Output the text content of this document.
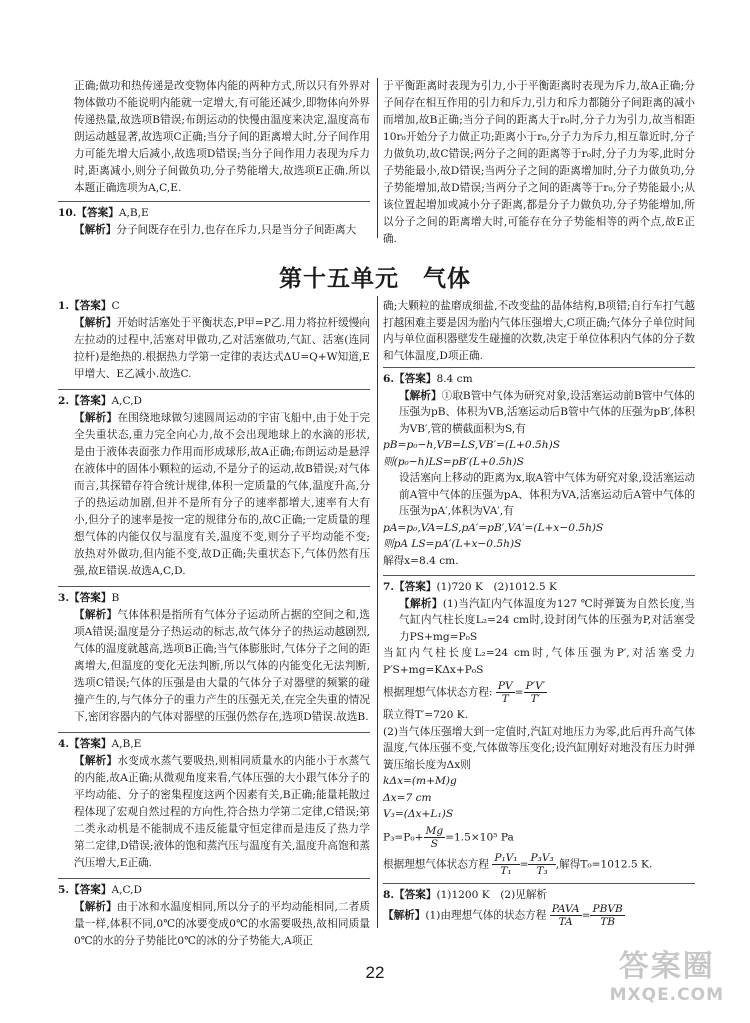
正确;做功和热传递是改变物体内能的两种方式,所以只有外界对物体做功不能说明内能就一定增大,有可能还减少,即物体向外界传递热量,故选项B错误;布朗运动的快慢由温度来决定,温度高布朗运动越显著,故选项C正确;当分子间的距离增大时,分子间作用力可能先增大后减小,故选项D错误;当分子间作用力表现为斥力时,距离减小,则分子间做负功,分子势能增大,故选项E正确.所以本题正确选项为A,C,E.

10.【答案】A,B,E

【解析】分子间既存在引力,也存在斥力,只是当分子间距离大

于平衡距离时表现为引力,小于平衡距离时表现为斥力,故A正确;分子间存在相互作用的引力和斥力,引力和斥力都随分子间距离的减小而增加,故B正确;当分子间的距离大于r₀时,分子力为引力,故当相距10r₀开始分子力做正功;距离小于r₀,分子力为斥力,相互靠近时,分子力做负功,故C错误;两分子之间的距离等于r₀时,分子力为零,此时分子势能最小,故D错误;当两分子之间的距离增加时,分子力做负功,分子势能增加,故D错误;当两分子之间的距离等于r₀,分子势能最小;从该位置起增加或减小分子距离,都是分子力做负功,分子势能增加,所以分子之间的距离增大时,可能存在分子势能相等的两个点,故E正确.

第十五单元　气体

1.【答案】C

【解析】开始时活塞处于平衡状态,P甲=P乙.用力将拉杆缓慢向左拉动的过程中,活塞对甲做功,乙对活塞做功,气缸、活塞(连同拉杆)是绝热的.根据热力学第一定律的表达式ΔU=Q+W知道,E甲增大、E乙减小.故选C.

2.【答案】A,C,D

【解析】在围绕地球做匀速圆周运动的宇宙飞船中,由于处于完全失重状态,重力完全向心力,故不会出现地球上的水滴的形状,是由于液体表面张力作用而形成球形,故A正确;布朗运动是悬浮在液体中的固体小颗粒的运动,不是分子的运动,故B错误;对气体而言,其探错存符合统计规律,体积一定质量的气体,温度升高,分子的热运动加剧,但并不是所有分子的速率都增大,速率有大有小,但分子的速率是按一定的规律分布的,故C正确;一定质量的理想气体的内能仅仅与温度有关,温度不变,则分子平均动能不变;放热对外做功,但内能不变,故D正确;失重状态下,气体仍然有压强,故E错误.故选A,C,D.

3.【答案】B

【解析】气体体积是指所有气体分子运动所占据的空间之和,选项A错误;温度是分子热运动的标志,故气体分子的热运动越剧烈,气体的温度就越高,选项B正确;当气体膨胀时,气体分子之间的距离增大,但温度的变化无法判断,所以气体的内能变化无法判断,选项C错误;气体的压强是由大量的气体分子对器壁的频繁的碰撞产生的,与气体分子的重力产生的压强无关,在完全失重的情况下,密闭容器内的气体对器壁的压强仍然存在,选项D错误.故选B.

4.【答案】A,B,E

【解析】水变成水蒸气要吸热,则相同质量水的内能小于水蒸气的内能,故A正确;从微观角度来看,气体压强的大小跟气体分子的平均动能、分子的密集程度这两个因素有关,B正确;能量耗散过程体现了宏观自然过程的方向性,符合热力学第二定律,C错误;第二类永动机是不能制成不违反能量守恒定律而是违反了热力学第二定律,D错误;液体的饱和蒸汽压与温度有关,温度升高饱和蒸汽压增大,E正确.

5.【答案】A,C,D

【解析】由于冰和水温度相同,所以分子的平均动能相同,二者质量一样,体积不同,0℃的冰要变成0℃的水需要吸热,故相同质量0℃的水的分子势能比0℃的冰的分子势能大,A项正

确;大颗粒的盐磨成细盐,不改变盐的晶体结构,B项错;自行车打气越打越困难主要是因为胎内气体压强增大,C项正确;气体分子单位时间内与单位面积器壁发生碰撞的次数,决定于单位体积内气体的分子数和气体温度,D项正确.

6.【答案】8.4 cm

【解析】①取B管中气体为研究对象,设活塞运动前B管中气体的压强为pB、体积为VB,活塞运动后B管中气体的压强为pB′,体积为VB′,管的横截面积为S,有

pB=p₀−h,VB=LS,VB′=(L+0.5h)S

则(p₀−h)LS=pB′(L+0.5h)S

设活塞向上移动的距离为x,取A管中气体为研究对象,设活塞运动前A管中气体的压强为pA、体积为VA,活塞运动后A管中气体的压强为pA′,体积为VA′,有

pA=p₀,VA=LS,pA′=pB′,VA′=(L+x−0.5h)S

则pA LS=pA′(L+x−0.5h)S

解得x=8.4 cm.

7.【答案】(1)720 K　(2)1012.5 K

【解析】(1)当汽缸内气体温度为127 ℃时弹簧为自然长度,当气缸内气柱长度L₂=24 cm时,设封闭气体的压强为P,对活塞受力PS+mg=P₀S

当缸内气柱长度L₂=24 cm时,气体压强为P′,对活塞受力P′S+mg=KΔx+P₀S

根据理想气体状态方程: $\frac{PV}{T} = \frac{P'V'}{T'}$

联立得T′=720 K.

(2)当气体压强增大到一定值时,汽缸对地压力为零,此后再升高气体温度,气体压强不变,气体做等压变化;设汽缸刚好对地没有压力时弹簧压缩长度为Δx则

kΔx=(m+M)g

Δx=7 cm

V₃=(Δx+L₁)S

$P_3=P_0+ \frac{Mg}{S} =1.5\times 10^5$ Pa

根据理想气体状态方程 $\frac{\text{P₁V₁}}{\text{T₁}} = \frac{\text{P₃V₃}}{\text{T₃}}$ ,解得T₀=1012.5 K.

8.【答案】(1)1200 K　(2)见解析

【解析】(1)由理想气体的状态方程 $\frac{\text{PAVA}}{TA} = \frac{\text{PBVB}}{TB}$

22	答案圈
MXQE.COM
